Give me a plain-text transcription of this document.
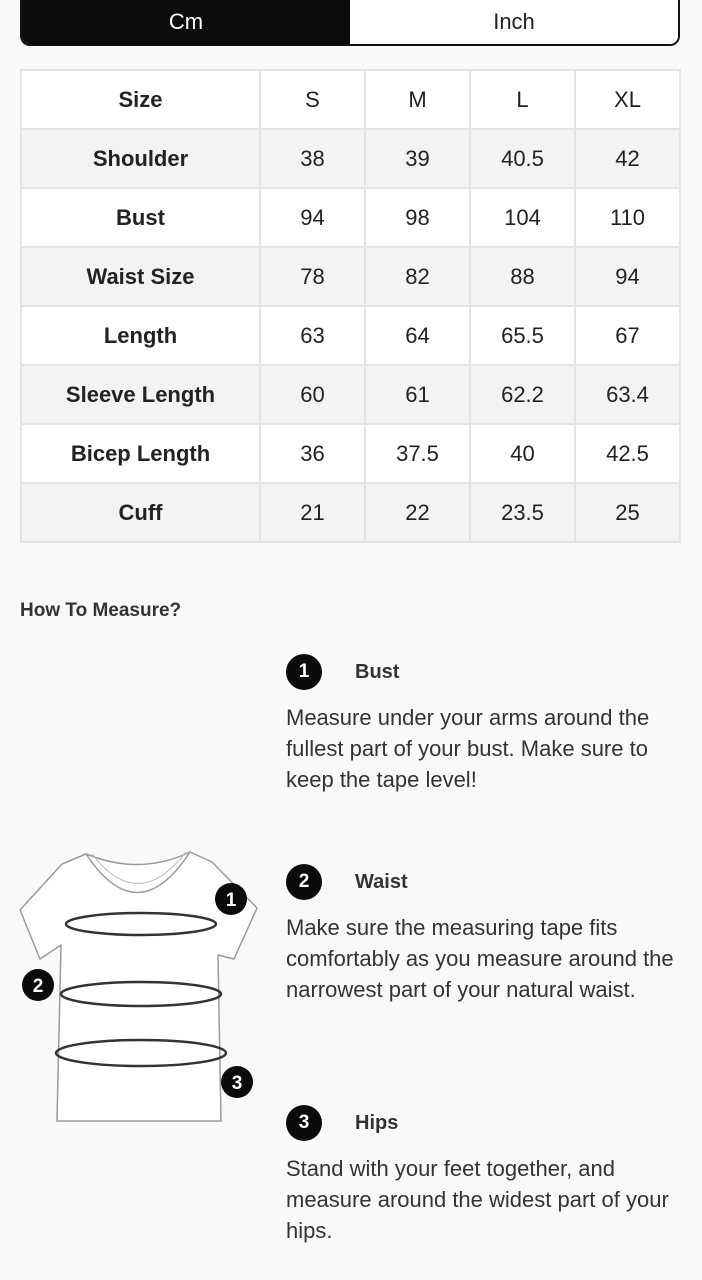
Cm	Inch
Size	S	M	L	XL
Shoulder	38	39	40.5	42
Bust	94	98	104	110
Waist Size	78	82	88	94
Length	63	64	65.5	67
Sleeve Length	60	61	62.2	63.4
Bicep Length	36	37.5	40	42.5
Cuff	21	22	23.5	25
How To Measure?
1
2
3
1	Bust
Measure under your arms around the fullest part of your bust. Make sure to keep the tape level!
2	Waist
Make sure the measuring tape fits comfortably as you measure around the narrowest part of your natural waist.
3	Hips
Stand with your feet together, and measure around the widest part of your hips.
